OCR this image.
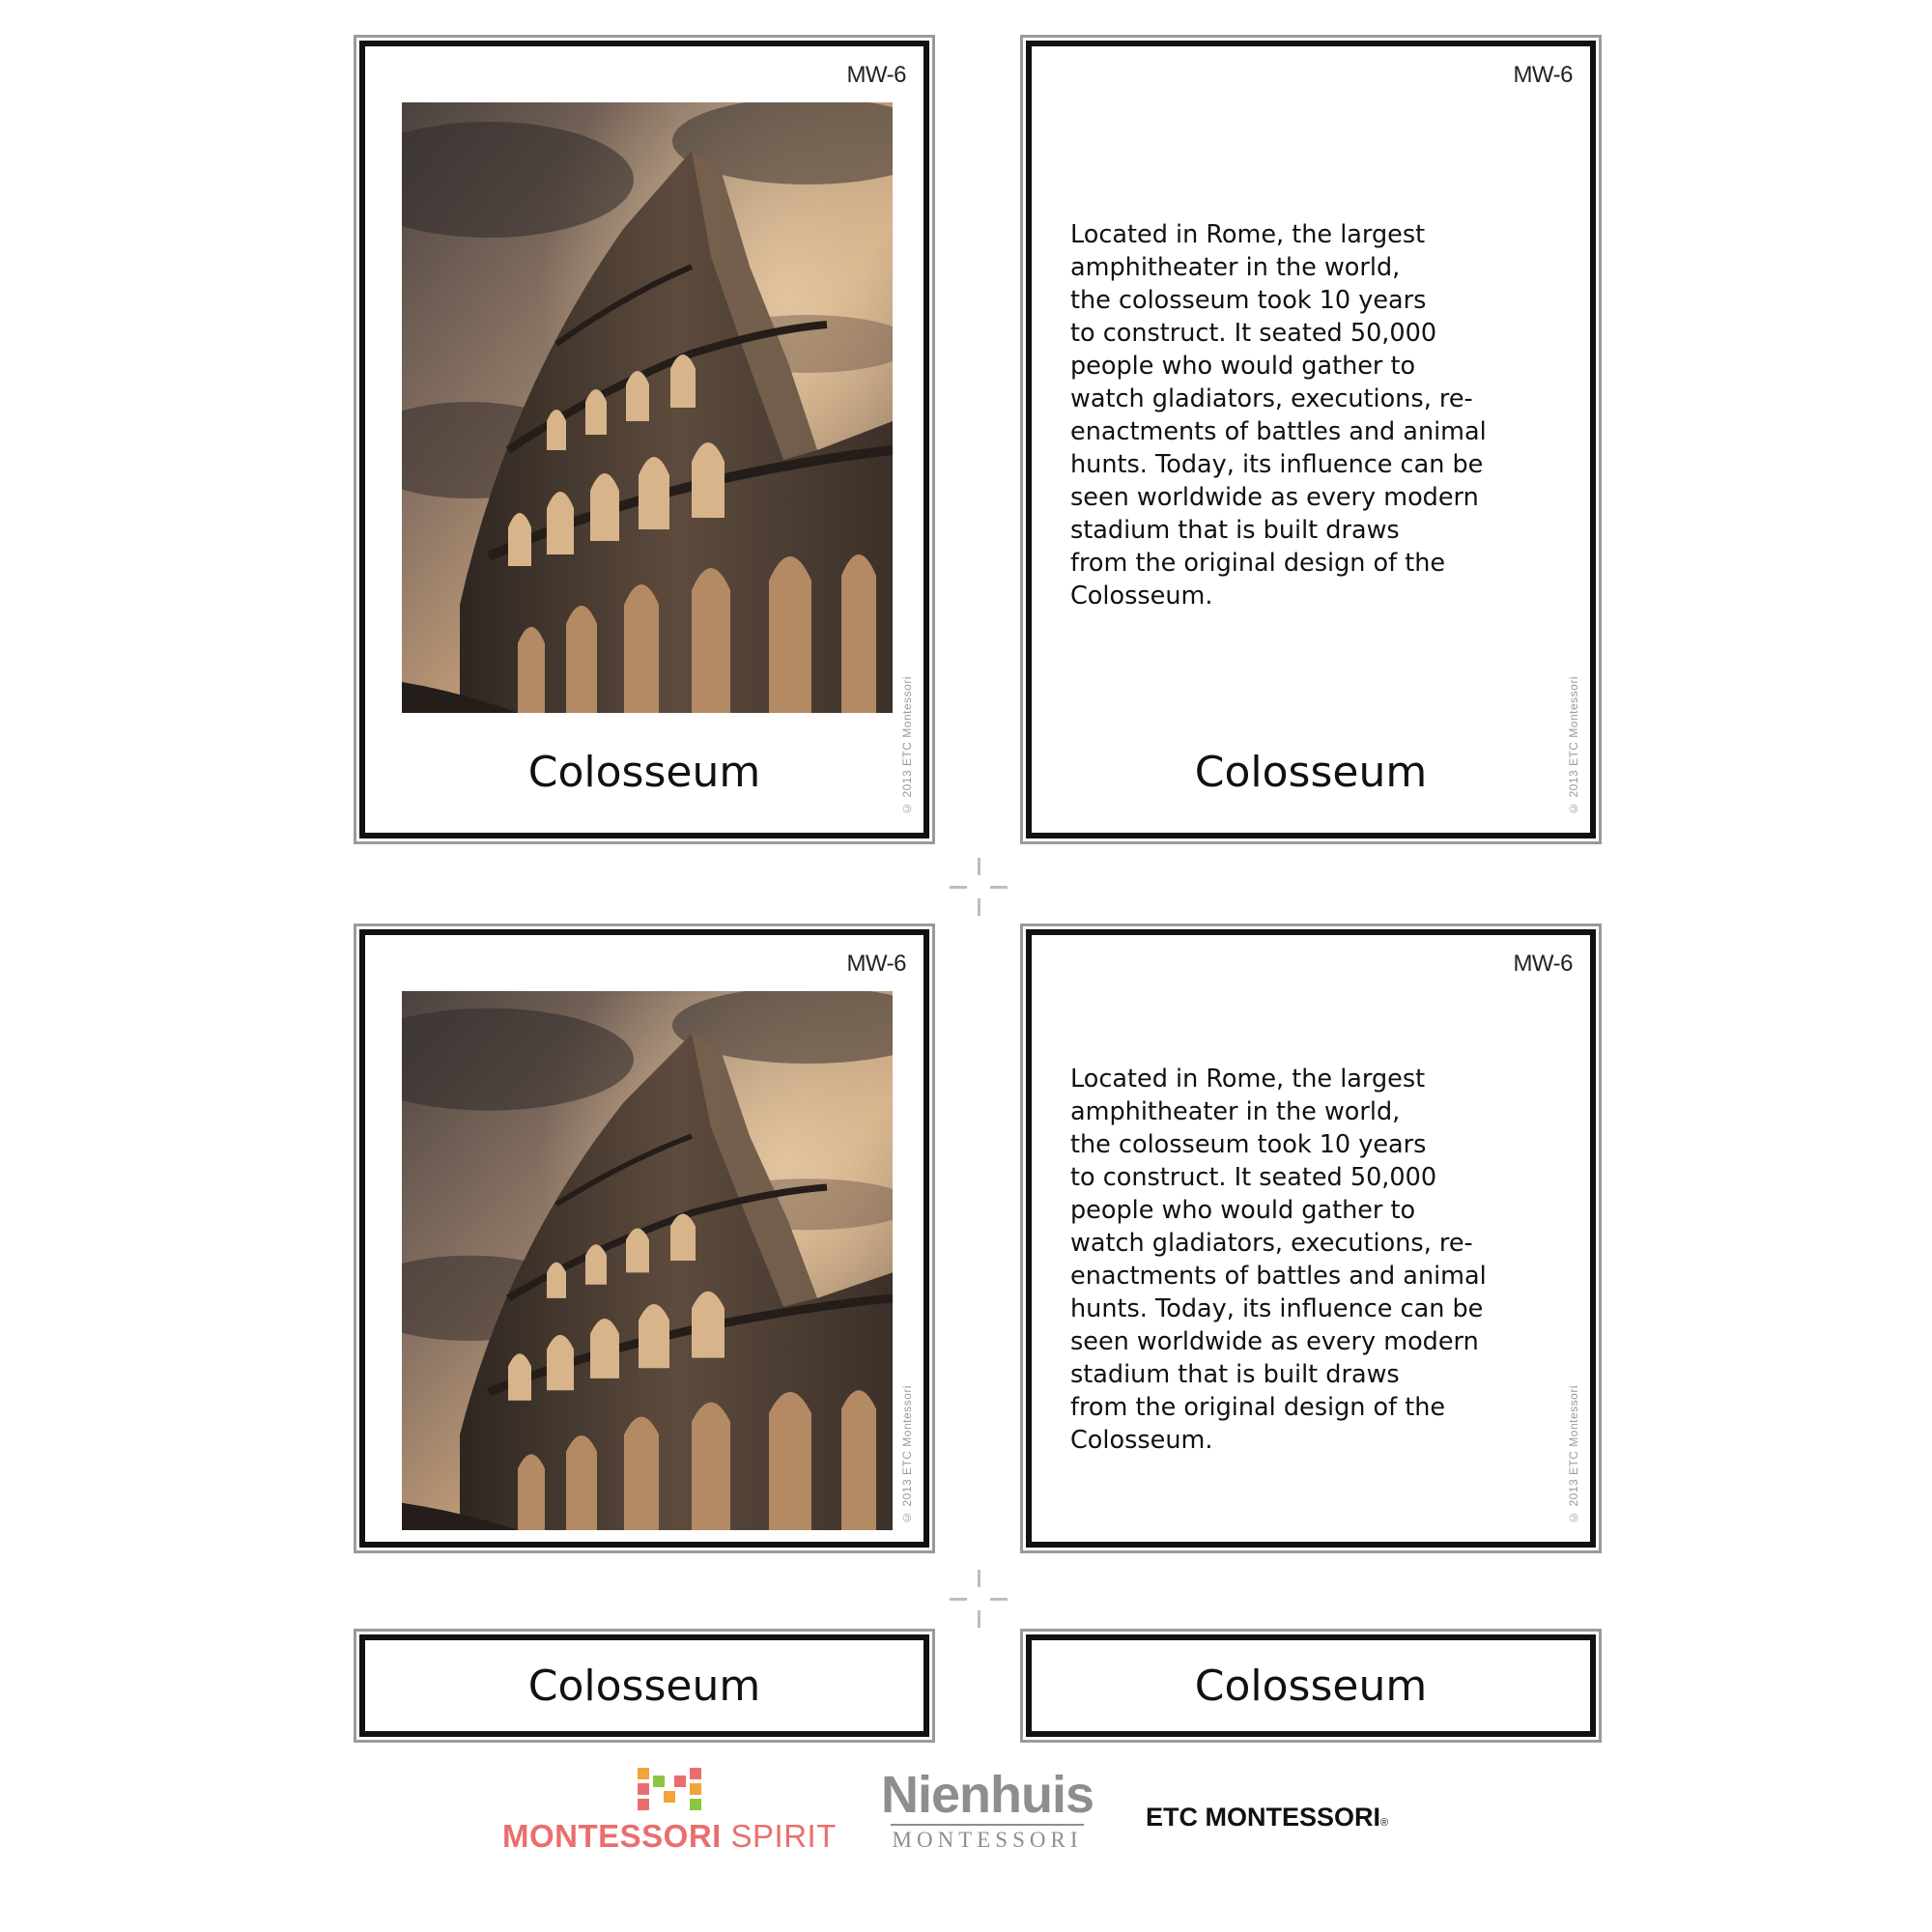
MW-6
Colosseum	© 2013 ETC Montessori
MW-6

Located in Rome, the largest
amphitheater in the world,
the colosseum took 10 years
to construct. It seated 50,000
people who would gather to
watch gladiators, executions, re-
enactments of battles and animal
hunts. Today, its influence can be
seen worldwide as every modern
stadium that is built draws
from the original design of the
Colosseum.

Colosseum	© 2013 ETC Montessori
MW-6
© 2013 ETC Montessori
MW-6

Located in Rome, the largest
amphitheater in the world,
the colosseum took 10 years
to construct. It seated 50,000
people who would gather to
watch gladiators, executions, re-
enactments of battles and animal
hunts. Today, its influence can be
seen worldwide as every modern
stadium that is built draws
from the original design of the
Colosseum.	© 2013 ETC Montessori
Colosseum	Colosseum
MONTESSORI SPIRIT
Nienhuis
MONTESSORI
ETC MONTESSORI®
